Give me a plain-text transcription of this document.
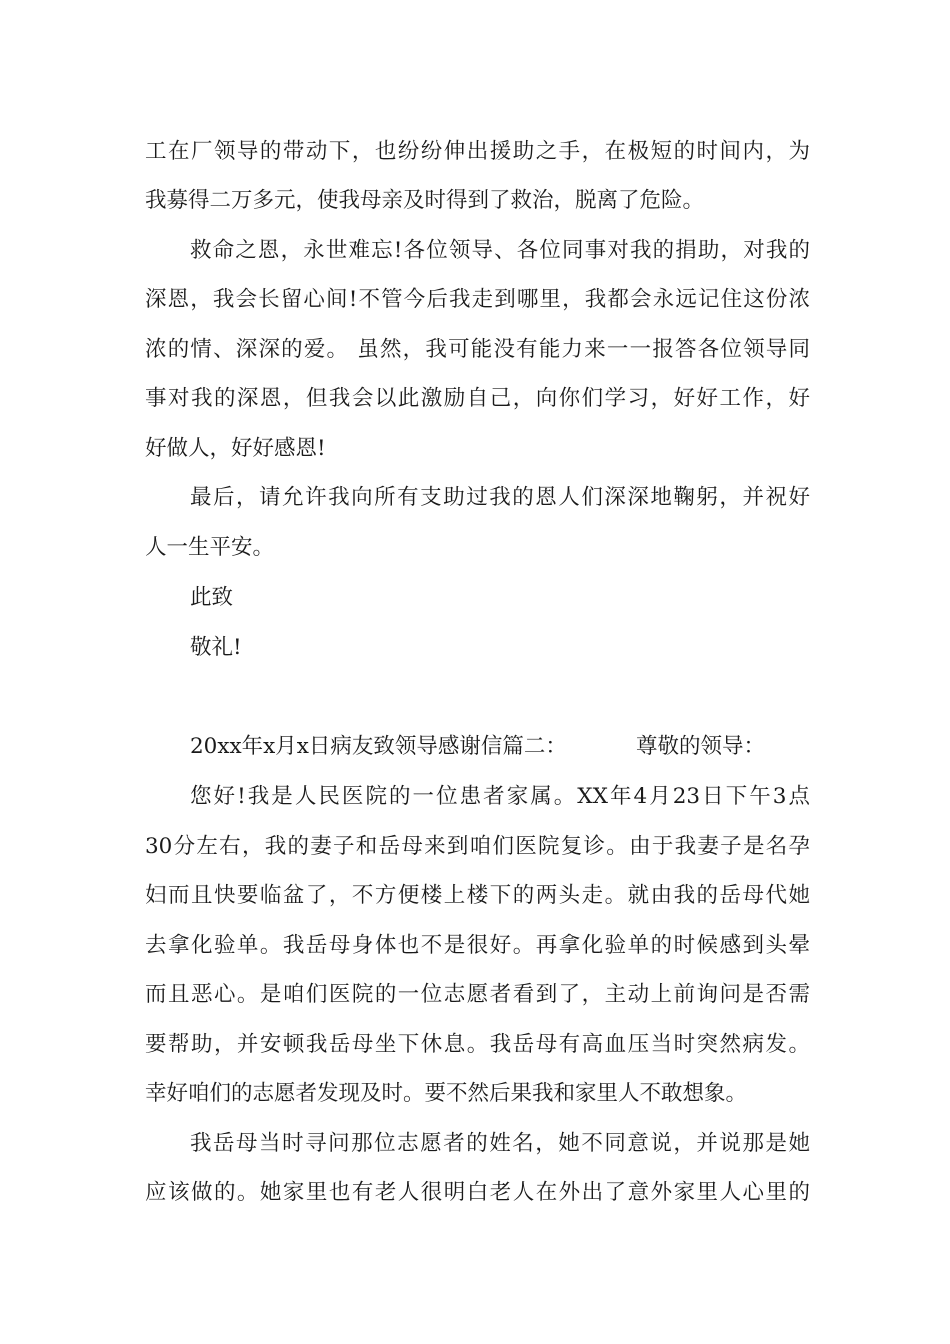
工在厂领导的带动下，也纷纷伸出援助之手，在极短的时间内，为
我募得二万多元，使我母亲及时得到了救治，脱离了危险。
救命之恩，永世难忘!各位领导、各位同事对我的捐助，对我的
深恩，我会长留心间!不管今后我走到哪里，我都会永远记住这份浓
浓的情、深深的爱。 虽然，我可能没有能力来一一报答各位领导同
事对我的深恩，但我会以此激励自己，向你们学习，好好工作，好
好做人，好好感恩!
最后，请允许我向所有支助过我的恩人们深深地鞠躬，并祝好
人一生平安。
此致
敬礼!
20xx年x月x日病友致领导感谢信篇二：	尊敬的领导：
您好!我是人民医院的一位患者家属。XX年4月23日下午3点
30分左右，我的妻子和岳母来到咱们医院复诊。由于我妻子是名孕
妇而且快要临盆了，不方便楼上楼下的两头走。就由我的岳母代她
去拿化验单。我岳母身体也不是很好。再拿化验单的时候感到头晕
而且恶心。是咱们医院的一位志愿者看到了，主动上前询问是否需
要帮助，并安顿我岳母坐下休息。我岳母有高血压当时突然病发。
幸好咱们的志愿者发现及时。要不然后果我和家里人不敢想象。
我岳母当时寻问那位志愿者的姓名，她不同意说，并说那是她
应该做的。她家里也有老人很明白老人在外出了意外家里人心里的
